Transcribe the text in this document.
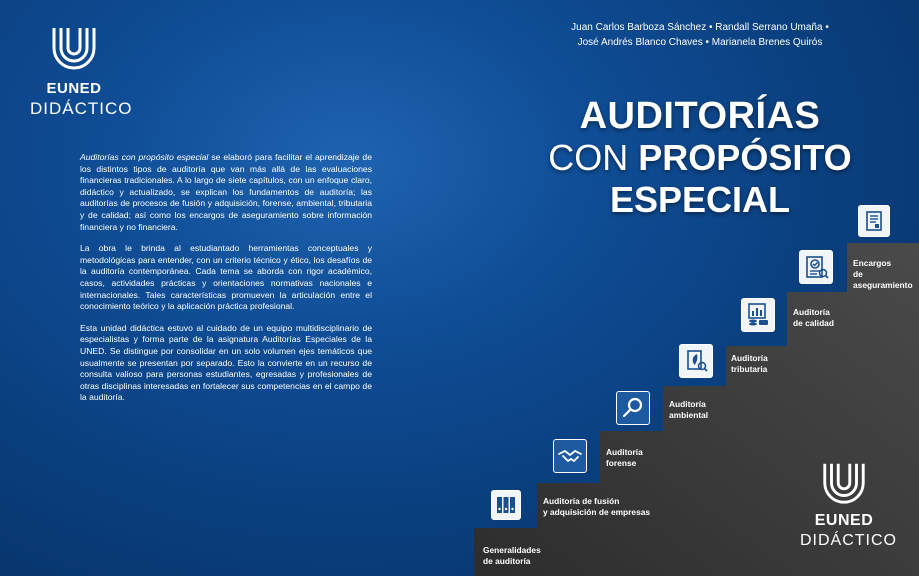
EUNED
DIDÁCTICO

Auditorías con propósito especial se elaboró para facilitar el aprendizaje de los distintos tipos de auditoría que van más allá de las evaluaciones financieras tradicionales. A lo largo de siete capítulos, con un enfoque claro, didáctico y actualizado, se explican los fundamentos de auditoría; las auditorías de procesos de fusión y adquisición, forense, ambiental, tributaria y de calidad; así como los encargos de aseguramiento sobre información financiera y no financiera.

La obra le brinda al estudiantado herramientas conceptuales y metodológicas para entender, con un criterio técnico y ético, los desafíos de la auditoría contemporánea. Cada tema se aborda con rigor académico, casos, actividades prácticas y orientaciones normativas nacionales e internacionales. Tales características promueven la articulación entre el conocimiento teórico y la aplicación práctica profesional.

Esta unidad didáctica estuvo al cuidado de un equipo multidisciplinario de especialistas y forma parte de la asignatura Auditorías Especiales de la UNED. Se distingue por consolidar en un solo volumen ejes temáticos que usualmente se presentan por separado. Esto la convierte en un recurso de consulta valioso para personas estudiantes, egresadas y profesionales de otras disciplinas interesadas en fortalecer sus competencias en el campo de la auditoría.

Juan Carlos Barboza Sánchez • Randall Serrano Umaña •
José Andrés Blanco Chaves • Marianela Brenes Quirós
AUDITORÍAS
CON PROPÓSITO
ESPECIAL
Generalidades
de auditoría
Auditoría de fusión
y adquisición de empresas
Auditoría
forense
Auditoría
ambiental
Auditoría
tributaria
Auditoría
de calidad
Encargos
de aseguramiento
EUNED
DIDÁCTICO
